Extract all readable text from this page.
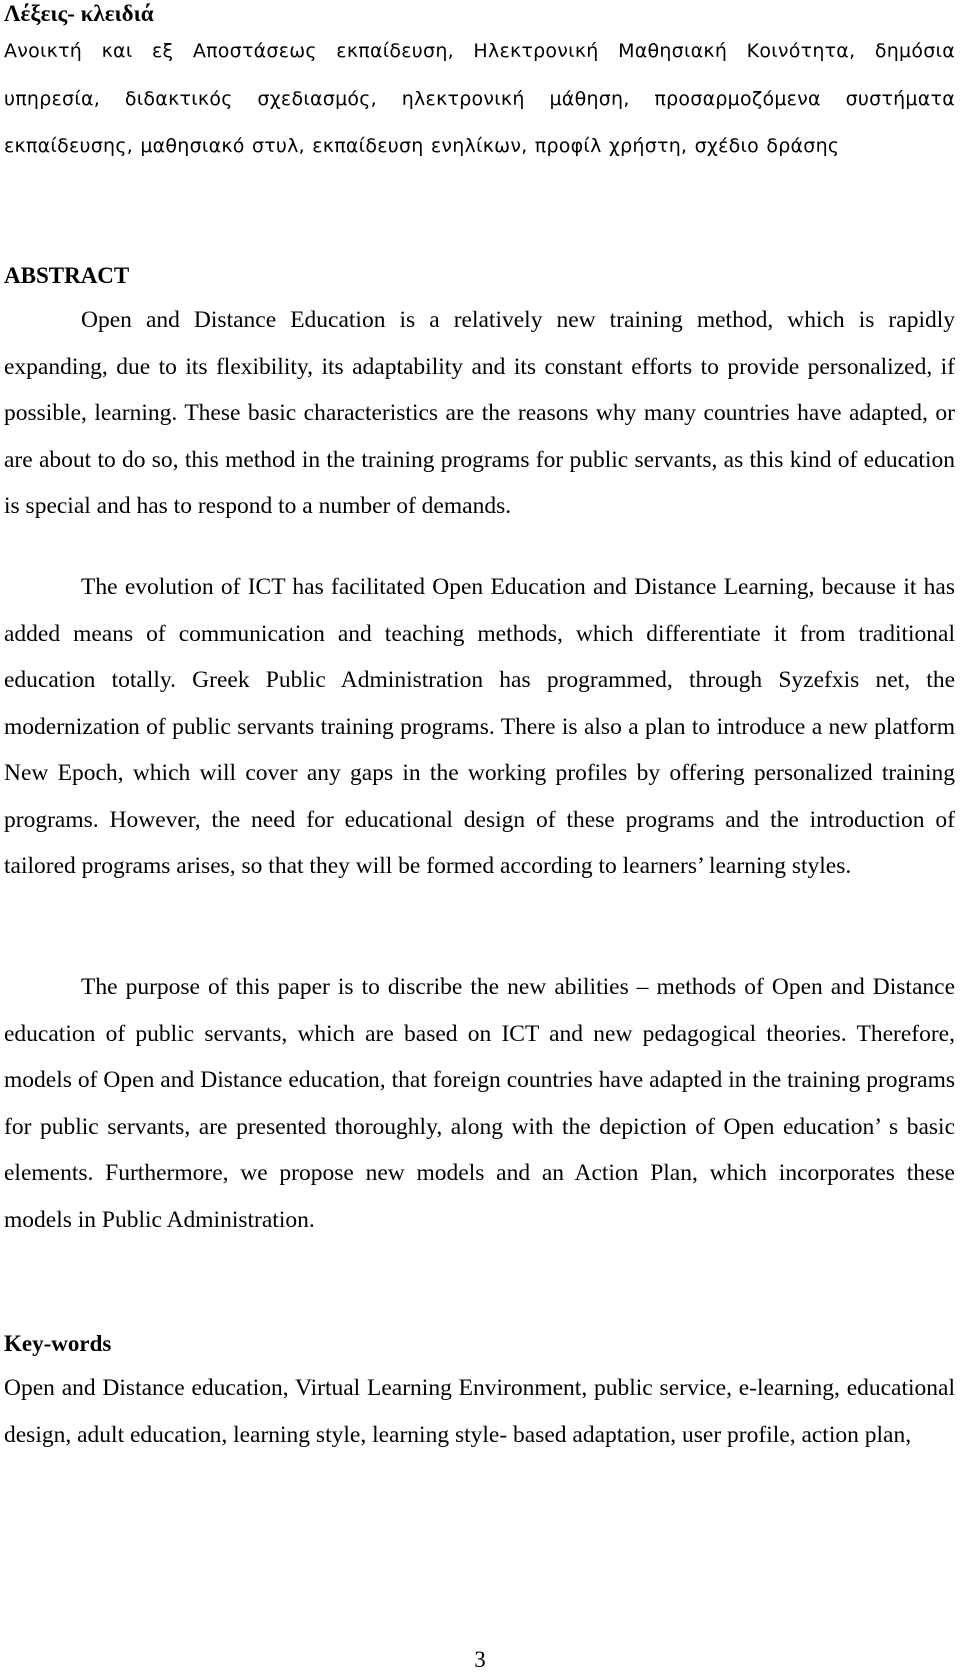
Λέξεις- κλειδιά

Ανοικτή και εξ Αποστάσεως εκπαίδευση, Ηλεκτρονική Μαθησιακή Κοινότητα, δημόσια υπηρεσία, διδακτικός σχεδιασμός, ηλεκτρονική μάθηση, προσαρμοζόμενα συστήματα εκπαίδευσης, μαθησιακό στυλ, εκπαίδευση ενηλίκων, προφίλ χρήστη, σχέδιο δράσης

ABSTRACT

Open and Distance Education is a relatively new training method, which is rapidly expanding, due to its flexibility, its adaptability and its constant efforts to provide personalized, if possible, learning. These basic characteristics are the reasons why many countries have adapted, or are about to do so, this method in the training programs for public servants, as this kind of education is special and has to respond to a number of demands.

The evolution of ICT has facilitated Open Education and Distance Learning, because it has added means of communication and teaching methods, which differentiate it from traditional education totally. Greek Public Administration has programmed, through Syzefxis net, the modernization of public servants training programs. There is also a plan to introduce a new platform New Epoch, which will cover any gaps in the working profiles by offering personalized training programs. However, the need for educational design of these programs and the introduction of tailored programs arises, so that they will be formed according to learners’ learning styles.

The purpose of this paper is to discribe the new abilities – methods of Open and Distance education of public servants, which are based on ICT and new pedagogical theories. Therefore, models of Open and Distance education, that foreign countries have adapted in the training programs for public servants, are presented thoroughly, along with the depiction of Open education’ s basic elements. Furthermore, we propose new models and an Action Plan, which incorporates these models in Public Administration.

Key-words

Open and Distance education, Virtual Learning Environment, public service, e-learning, educational design, adult education, learning style, learning style- based adaptation, user profile, action plan,

3
